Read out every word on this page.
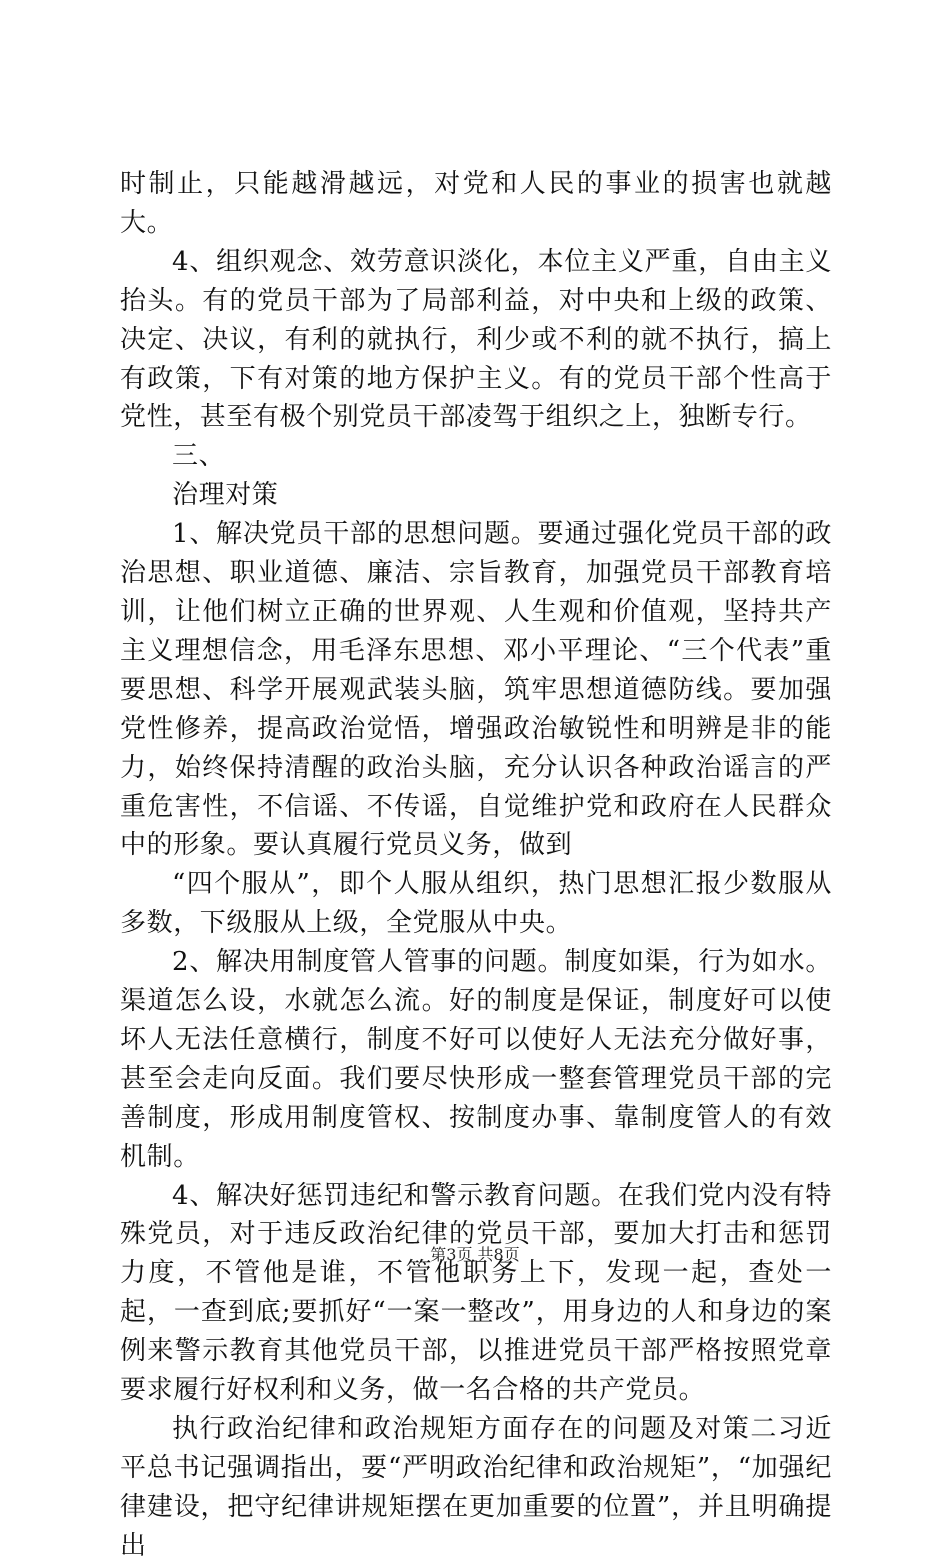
时制止，只能越滑越远，对党和人民的事业的损害也就越大。

4、组织观念、效劳意识淡化，本位主义严重，自由主义抬头。有的党员干部为了局部利益，对中央和上级的政策、决定、决议，有利的就执行，利少或不利的就不执行，搞上有政策，下有对策的地方保护主义。有的党员干部个性高于党性，甚至有极个别党员干部凌驾于组织之上，独断专行。

三、

治理对策

1、解决党员干部的思想问题。要通过强化党员干部的政治思想、职业道德、廉洁、宗旨教育，加强党员干部教育培训，让他们树立正确的世界观、人生观和价值观，坚持共产主义理想信念，用毛泽东思想、邓小平理论、“三个代表”重要思想、科学开展观武装头脑，筑牢思想道德防线。要加强党性修养，提高政治觉悟，增强政治敏锐性和明辨是非的能力，始终保持清醒的政治头脑，充分认识各种政治谣言的严重危害性，不信谣、不传谣，自觉维护党和政府在人民群众中的形象。要认真履行党员义务，做到

“四个服从”，即个人服从组织，热门思想汇报少数服从多数，下级服从上级，全党服从中央。

2、解决用制度管人管事的问题。制度如渠，行为如水。渠道怎么设，水就怎么流。好的制度是保证，制度好可以使坏人无法任意横行，制度不好可以使好人无法充分做好事，甚至会走向反面。我们要尽快形成一整套管理党员干部的完善制度，形成用制度管权、按制度办事、靠制度管人的有效机制。

4、解决好惩罚违纪和警示教育问题。在我们党内没有特殊党员，对于违反政治纪律的党员干部，要加大打击和惩罚力度，不管他是谁，不管他职务上下，发现一起，查处一起，一查到底;要抓好“一案一整改”，用身边的人和身边的案例来警示教育其他党员干部，以推进党员干部严格按照党章要求履行好权利和义务，做一名合格的共产党员。

执行政治纪律和政治规矩方面存在的问题及对策二习近平总书记强调指出，要“严明政治纪律和政治规矩”，“加强纪律建设，把守纪律讲规矩摆在更加重要的位置”，并且明确提出

第3页 共8页
